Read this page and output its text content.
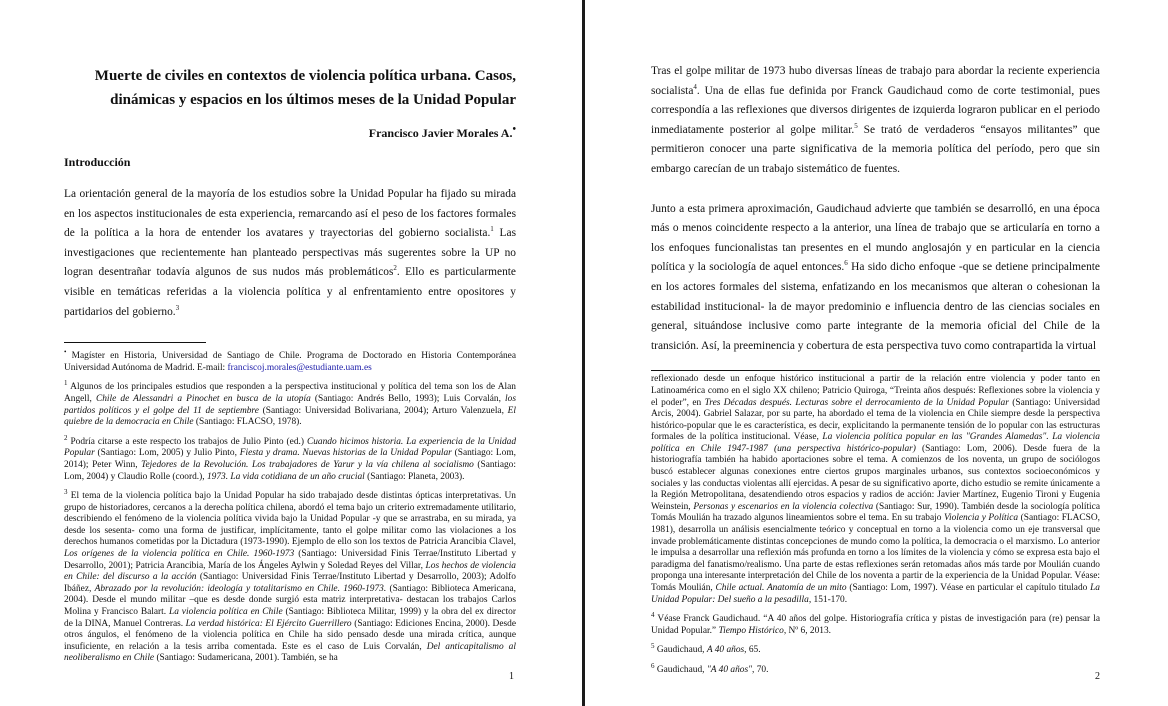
Muerte de civiles en contextos de violencia política urbana. Casos, dinámicas y espacios en los últimos meses de la Unidad Popular

Francisco Javier Morales A.•
Introducción

La orientación general de la mayoría de los estudios sobre la Unidad Popular ha fijado su mirada en los aspectos institucionales de esta experiencia, remarcando así el peso de los factores formales de la política a la hora de entender los avatares y trayectorias del gobierno socialista.$^1$ Las investigaciones que recientemente han planteado perspectivas más sugerentes sobre la UP no logran desentrañar todavía algunos de sus nudos más problemáticos$^2$. Ello es particularmente visible en temáticas referidas a la violencia política y al enfrentamiento entre opositores y partidarios del gobierno.$^3$

• Magíster en Historia, Universidad de Santiago de Chile. Programa de Doctorado en Historia Contemporánea Universidad Autónoma de Madrid. E-mail: franciscoj.morales@estudiante.uam.es

$^1$ Algunos de los principales estudios que responden a la perspectiva institucional y política del tema son los de Alan Angell, Chile de Alessandri a Pinochet en busca de la utopía (Santiago: Andrés Bello, 1993); Luis Corvalán, los partidos políticos y el golpe del 11 de septiembre (Santiago: Universidad Bolivariana, 2004); Arturo Valenzuela, El quiebre de la democracia en Chile (Santiago: FLACSO, 1978).

$^2$ Podría citarse a este respecto los trabajos de Julio Pinto (ed.) Cuando hicimos historia. La experiencia de la Unidad Popular (Santiago: Lom, 2005) y Julio Pinto, Fiesta y drama. Nuevas historias de la Unidad Popular (Santiago: Lom, 2014); Peter Winn, Tejedores de la Revolución. Los trabajadores de Yarur y la vía chilena al socialismo (Santiago: Lom, 2004) y Claudio Rolle (coord.), 1973. La vida cotidiana de un año crucial (Santiago: Planeta, 2003).

$^3$ El tema de la violencia política bajo la Unidad Popular ha sido trabajado desde distintas ópticas interpretativas. Un grupo de historiadores, cercanos a la derecha política chilena, abordó el tema bajo un criterio extremadamente utilitario, describiendo el fenómeno de la violencia política vivida bajo la Unidad Popular -y que se arrastraba, en su mirada, ya desde los sesenta- como una forma de justificar, implícitamente, tanto el golpe militar como las violaciones a los derechos humanos cometidas por la Dictadura (1973-1990). Ejemplo de ello son los textos de Patricia Arancibia Clavel, Los orígenes de la violencia política en Chile. 1960-1973 (Santiago: Universidad Finis Terrae/Instituto Libertad y Desarrollo, 2001); Patricia Arancibia, María de los Ángeles Aylwin y Soledad Reyes del Villar, Los hechos de violencia en Chile: del discurso a la acción (Santiago: Universidad Finis Terrae/Instituto Libertad y Desarrollo, 2003); Adolfo Ibáñez, Abrazado por la revolución: ideología y totalitarismo en Chile. 1960-1973. (Santiago: Biblioteca Americana, 2004). Desde el mundo militar –que es desde donde surgió esta matriz interpretativa- destacan los trabajos Carlos Molina y Francisco Balart. La violencia política en Chile (Santiago: Biblioteca Militar, 1999) y la obra del ex director de la DINA, Manuel Contreras. La verdad histórica: El Ejército Guerrillero (Santiago: Ediciones Encina, 2000). Desde otros ángulos, el fenómeno de la violencia política en Chile ha sido pensado desde una mirada crítica, aunque insuficiente, en relación a la tesis arriba comentada. Este es el caso de Luis Corvalán, Del anticapitalismo al neoliberalismo en Chile (Santiago: Sudamericana, 2001). También, se ha

1

Tras el golpe militar de 1973 hubo diversas líneas de trabajo para abordar la reciente experiencia socialista$^4$. Una de ellas fue definida por Franck Gaudichaud como de corte testimonial, pues correspondía a las reflexiones que diversos dirigentes de izquierda lograron publicar en el periodo inmediatamente posterior al golpe militar.$^5$ Se trató de verdaderos “ensayos militantes” que permitieron conocer una parte significativa de la memoria política del período, pero que sin embargo carecían de un trabajo sistemático de fuentes.

Junto a esta primera aproximación, Gaudichaud advierte que también se desarrolló, en una época más o menos coincidente respecto a la anterior, una línea de trabajo que se articularía en torno a los enfoques funcionalistas tan presentes en el mundo anglosajón y en particular en la ciencia política y la sociología de aquel entonces.$^6$ Ha sido dicho enfoque -que se detiene principalmente en los actores formales del sistema, enfatizando en los mecanismos que alteran o cohesionan la estabilidad institucional- la de mayor predominio e influencia dentro de las ciencias sociales en general, situándose inclusive como parte integrante de la memoria oficial del Chile de la transición. Así, la preeminencia y cobertura de esta perspectiva tuvo como contrapartida la virtual

reflexionado desde un enfoque histórico institucional a partir de la relación entre violencia y poder tanto en Latinoamérica como en el siglo XX chileno; Patricio Quiroga, “Treinta años después: Reflexiones sobre la violencia y el poder”, en Tres Décadas después. Lecturas sobre el derrocamiento de la Unidad Popular (Santiago: Universidad Arcis, 2004). Gabriel Salazar, por su parte, ha abordado el tema de la violencia en Chile siempre desde la perspectiva histórico-popular que le es característica, es decir, explicitando la permanente tensión de lo popular con las estructuras formales de la política institucional. Véase, La violencia política popular en las "Grandes Alamedas". La violencia política en Chile 1947-1987 (una perspectiva histórico-popular) (Santiago: Lom, 2006). Desde fuera de la historiografía también ha habido aportaciones sobre el tema. A comienzos de los noventa, un grupo de sociólogos buscó establecer algunas conexiones entre ciertos grupos marginales urbanos, sus contextos socioeconómicos y sociales y las conductas violentas allí ejercidas. A pesar de su significativo aporte, dicho estudio se remite únicamente a la Región Metropolitana, desatendiendo otros espacios y radios de acción: Javier Martínez, Eugenio Tironi y Eugenia Weinstein, Personas y escenarios en la violencia colectiva (Santiago: Sur, 1990). También desde la sociología política Tomás Moulián ha trazado algunos lineamientos sobre el tema. En su trabajo Violencia y Política (Santiago: FLACSO, 1981), desarrolla un análisis esencialmente teórico y conceptual en torno a la violencia como un eje transversal que invade problemáticamente distintas concepciones de mundo como la política, la democracia o el marxismo. Lo anterior le impulsa a desarrollar una reflexión más profunda en torno a los límites de la violencia y cómo se expresa esta bajo el paradigma del fanatismo/realismo. Una parte de estas reflexiones serán retomadas años más tarde por Moulián cuando proponga una interesante interpretación del Chile de los noventa a partir de la experiencia de la Unidad Popular. Véase: Tomás Moulián, Chile actual. Anatomía de un mito (Santiago: Lom, 1997). Véase en particular el capítulo titulado La Unidad Popular: Del sueño a la pesadilla, 151-170.

$^4$ Véase Franck Gaudichaud. “A 40 años del golpe. Historiografía crítica y pistas de investigación para (re) pensar la Unidad Popular.” Tiempo Histórico, Nº 6, 2013.

$^5$ Gaudichaud, A 40 años, 65.

$^6$ Gaudichaud, "A 40 años", 70.

2
